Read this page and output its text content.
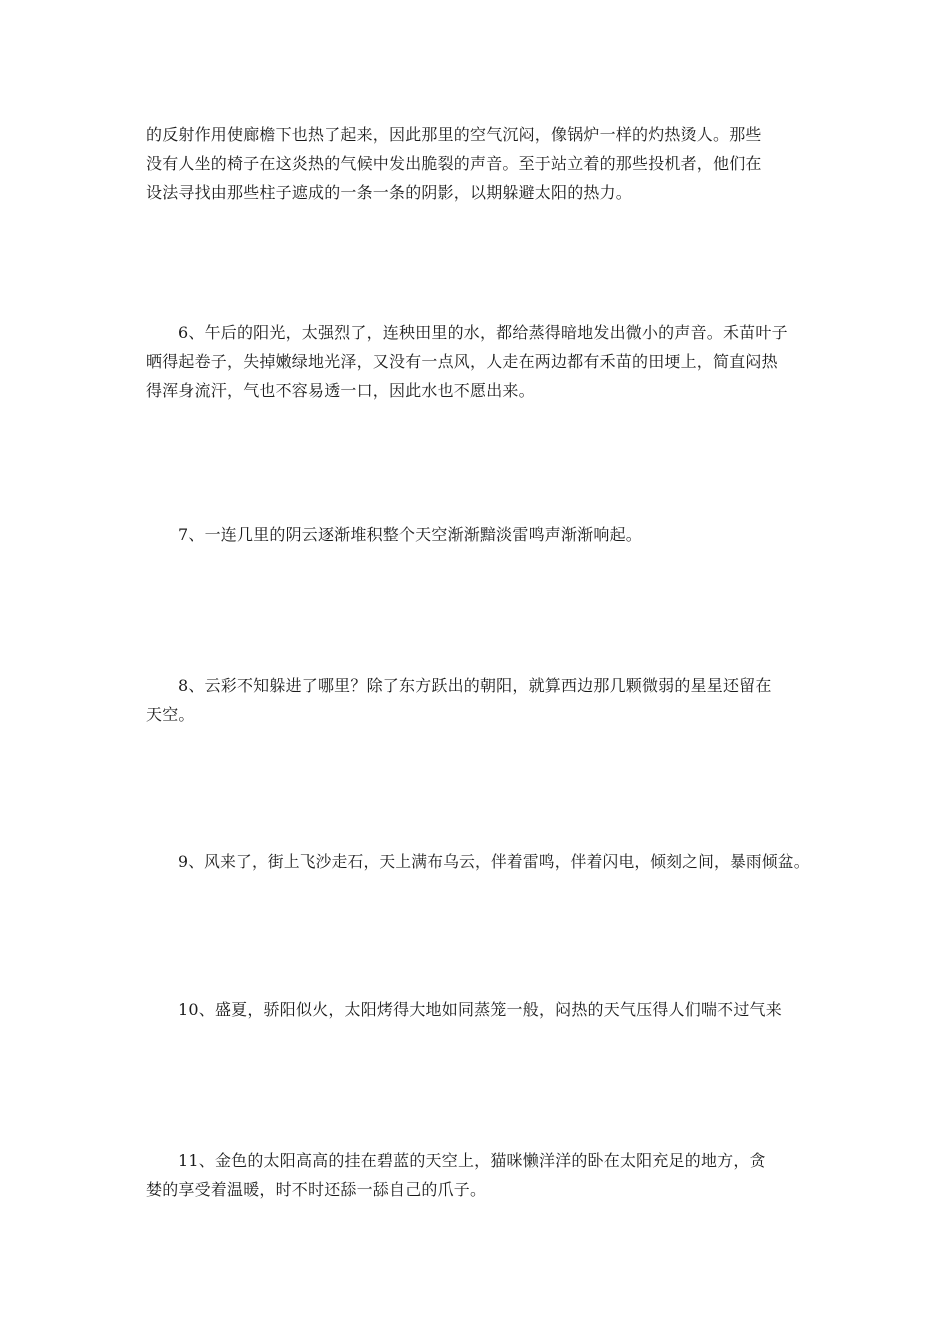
的反射作用使廊檐下也热了起来，因此那里的空气沉闷，像锅炉一样的灼热烫人。那些
没有人坐的椅子在这炎热的气候中发出脆裂的声音。至于站立着的那些投机者，他们在
设法寻找由那些柱子遮成的一条一条的阴影，以期躲避太阳的热力。

6、午后的阳光，太强烈了，连秧田里的水，都给蒸得暗地发出微小的声音。禾苗叶子
晒得起卷子，失掉嫩绿地光泽，又没有一点风，人走在两边都有禾苗的田埂上，简直闷热
得浑身流汗，气也不容易透一口，因此水也不愿出来。

7、一连几里的阴云逐渐堆积整个天空渐渐黯淡雷鸣声渐渐响起。

8、云彩不知躲进了哪里？除了东方跃出的朝阳，就算西边那几颗微弱的星星还留在
天空。

9、风来了，街上飞沙走石，天上满布乌云，伴着雷鸣，伴着闪电，倾刻之间，暴雨倾盆。

10、盛夏，骄阳似火，太阳烤得大地如同蒸笼一般，闷热的天气压得人们喘不过气来

11、金色的太阳高高的挂在碧蓝的天空上，猫咪懒洋洋的卧在太阳充足的地方，贪
婪的享受着温暖，时不时还舔一舔自己的爪子。
